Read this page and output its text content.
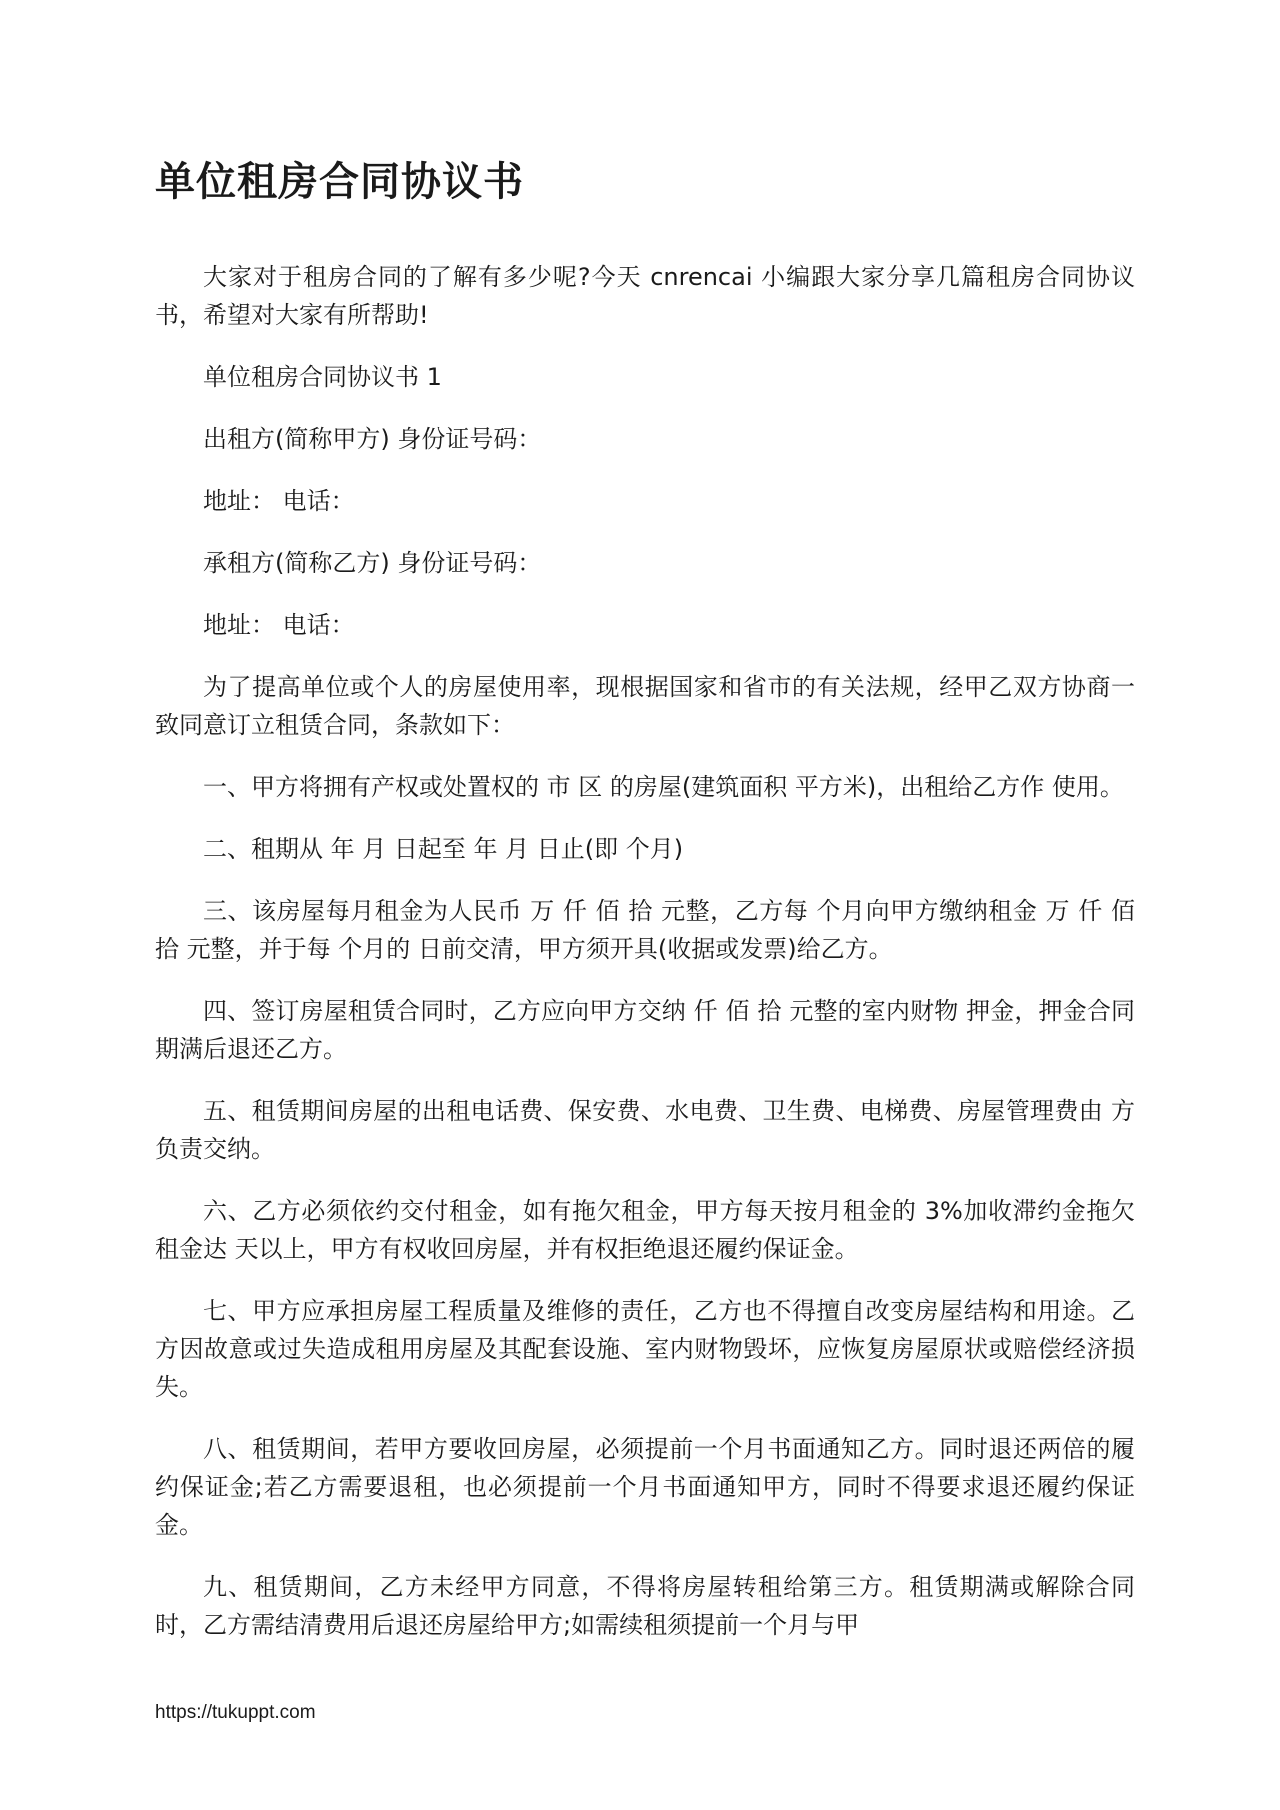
单位租房合同协议书

大家对于租房合同的了解有多少呢?今天 cnrencai 小编跟大家分享几篇租房合同协议书，希望对大家有所帮助!

单位租房合同协议书 1

出租方(简称甲方) 身份证号码：

地址： 电话：

承租方(简称乙方) 身份证号码：

地址： 电话：

为了提高单位或个人的房屋使用率，现根据国家和省市的有关法规，经甲乙双方协商一致同意订立租赁合同，条款如下：

一、甲方将拥有产权或处置权的 市 区 的房屋(建筑面积 平方米)，出租给乙方作 使用。

二、租期从 年 月 日起至 年 月 日止(即 个月)

三、该房屋每月租金为人民币 万 仟 佰 拾 元整，乙方每 个月向甲方缴纳租金 万 仟 佰 拾 元整，并于每 个月的 日前交清，甲方须开具(收据或发票)给乙方。

四、签订房屋租赁合同时，乙方应向甲方交纳 仟 佰 拾 元整的室内财物 押金，押金合同期满后退还乙方。

五、租赁期间房屋的出租电话费、保安费、水电费、卫生费、电梯费、房屋管理费由 方负责交纳。

六、乙方必须依约交付租金，如有拖欠租金，甲方每天按月租金的 3%加收滞约金拖欠租金达 天以上，甲方有权收回房屋，并有权拒绝退还履约保证金。

七、甲方应承担房屋工程质量及维修的责任，乙方也不得擅自改变房屋结构和用途。乙方因故意或过失造成租用房屋及其配套设施、室内财物毁坏，应恢复房屋原状或赔偿经济损失。

八、租赁期间，若甲方要收回房屋，必须提前一个月书面通知乙方。同时退还两倍的履约保证金;若乙方需要退租，也必须提前一个月书面通知甲方，同时不得要求退还履约保证金。

九、租赁期间，乙方未经甲方同意，不得将房屋转租给第三方。租赁期满或解除合同时，乙方需结清费用后退还房屋给甲方;如需续租须提前一个月与甲

https://tukuppt.com
